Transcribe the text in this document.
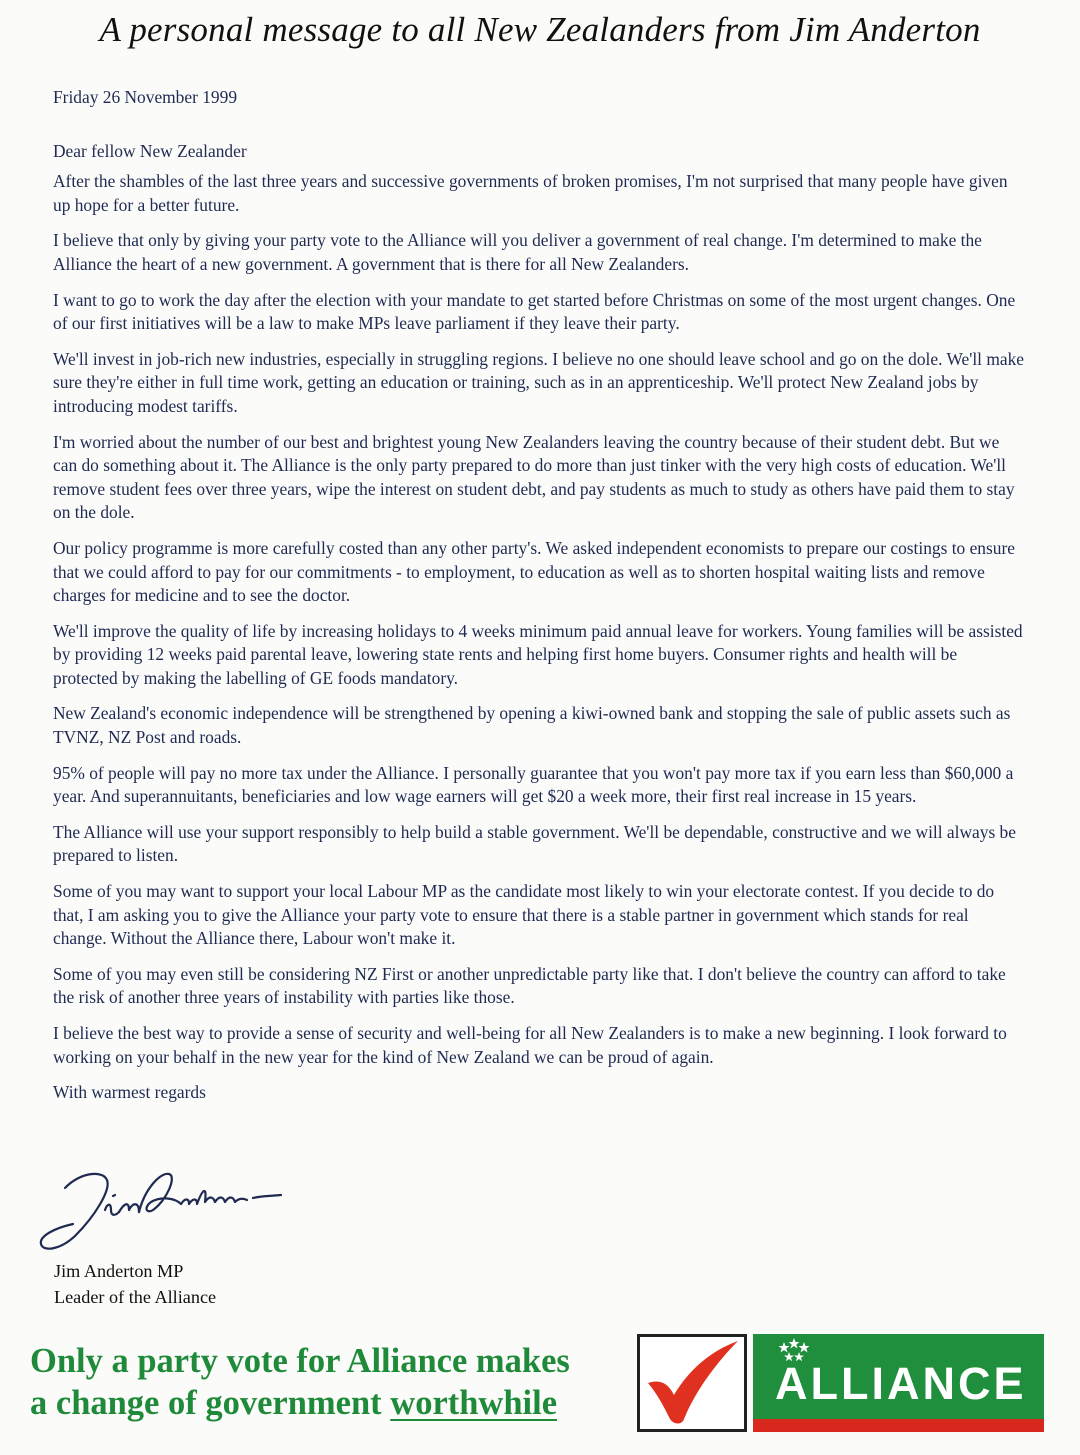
A personal message to all New Zealanders from Jim Anderton

Friday 26 November 1999

Dear fellow New Zealander

After the shambles of the last three years and successive governments of broken promises, I'm not surprised that many people have given up hope for a better future.

I believe that only by giving your party vote to the Alliance will you deliver a government of real change. I'm determined to make the Alliance the heart of a new government. A government that is there for all New Zealanders.

I want to go to work the day after the election with your mandate to get started before Christmas on some of the most urgent changes. One of our first initiatives will be a law to make MPs leave parliament if they leave their party.

We'll invest in job-rich new industries, especially in struggling regions. I believe no one should leave school and go on the dole. We'll make sure they're either in full time work, getting an education or training, such as in an apprenticeship. We'll protect New Zealand jobs by introducing modest tariffs.

I'm worried about the number of our best and brightest young New Zealanders leaving the country because of their student debt. But we can do something about it. The Alliance is the only party prepared to do more than just tinker with the very high costs of education. We'll remove student fees over three years, wipe the interest on student debt, and pay students as much to study as others have paid them to stay on the dole.

Our policy programme is more carefully costed than any other party's. We asked independent economists to prepare our costings to ensure that we could afford to pay for our commitments - to employment, to education as well as to shorten hospital waiting lists and remove charges for medicine and to see the doctor.

We'll improve the quality of life by increasing holidays to 4 weeks minimum paid annual leave for workers. Young families will be assisted by providing 12 weeks paid parental leave, lowering state rents and helping first home buyers. Consumer rights and health will be protected by making the labelling of GE foods mandatory.

New Zealand's economic independence will be strengthened by opening a kiwi-owned bank and stopping the sale of public assets such as TVNZ, NZ Post and roads.

95% of people will pay no more tax under the Alliance. I personally guarantee that you won't pay more tax if you earn less than $60,000 a year. And superannuitants, beneficiaries and low wage earners will get $20 a week more, their first real increase in 15 years.

The Alliance will use your support responsibly to help build a stable government. We'll be dependable, constructive and we will always be prepared to listen.

Some of you may want to support your local Labour MP as the candidate most likely to win your electorate contest. If you decide to do that, I am asking you to give the Alliance your party vote to ensure that there is a stable partner in government which stands for real change. Without the Alliance there, Labour won't make it.

Some of you may even still be considering NZ First or another unpredictable party like that. I don't believe the country can afford to take the risk of another three years of instability with parties like those.

I believe the best way to provide a sense of security and well-being for all New Zealanders is to make a new beginning. I look forward to working on your behalf in the new year for the kind of New Zealand we can be proud of again.

With warmest regards

Jim Anderton MP
Leader of the Alliance
Only a party vote for Alliance makes
a change of government worthwhile	ALLIANCE
